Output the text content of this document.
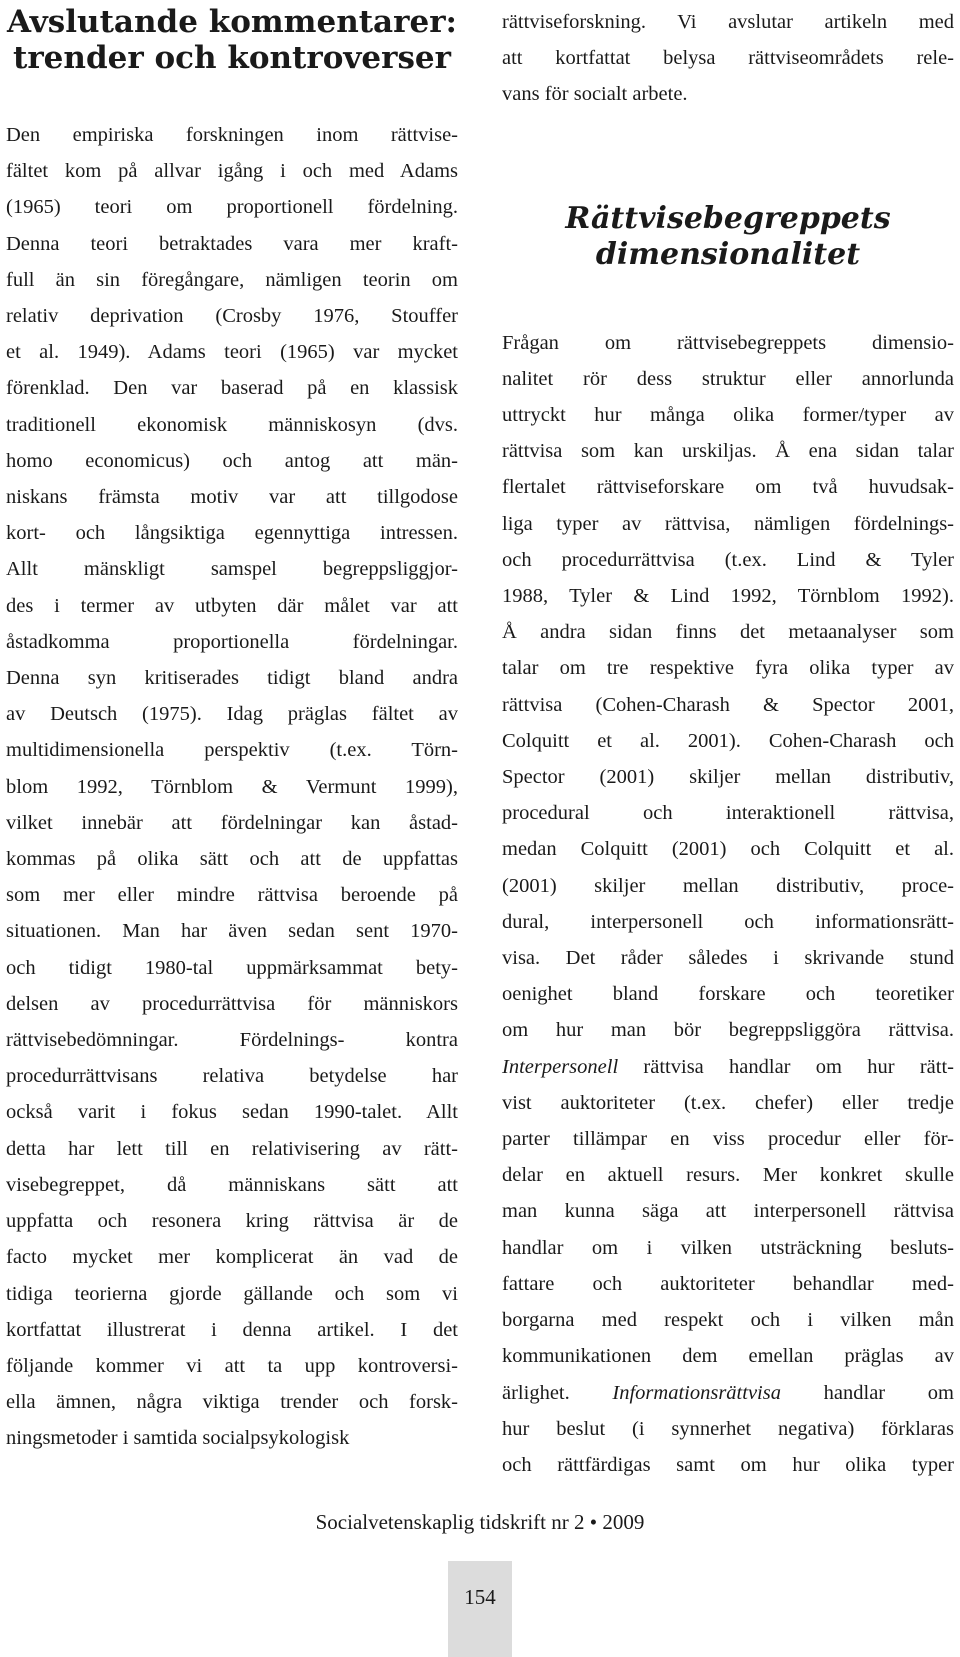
Avslutande kommentarer:
trender och kontroverser

Den empiriska forskningen inom rättvise-
fältet kom på allvar igång i och med Adams
(1965) teori om proportionell fördelning.
Denna teori betraktades vara mer kraft-
full än sin föregångare, nämligen teorin om
relativ deprivation (Crosby 1976, Stouffer
et al. 1949). Adams teori (1965) var mycket
förenklad. Den var baserad på en klassisk
traditionell ekonomisk människosyn (dvs.
homo economicus) och antog att män-
niskans främsta motiv var att tillgodose
kort- och långsiktiga egennyttiga intressen.
Allt mänskligt samspel begreppsliggjor-
des i termer av utbyten där målet var att
åstadkomma proportionella fördelningar.
Denna syn kritiserades tidigt bland andra
av Deutsch (1975). Idag präglas fältet av
multidimensionella perspektiv (t.ex. Törn-
blom 1992, Törnblom & Vermunt 1999),
vilket innebär att fördelningar kan åstad-
kommas på olika sätt och att de uppfattas
som mer eller mindre rättvisa beroende på
situationen. Man har även sedan sent 1970-
och tidigt 1980-tal uppmärksammat bety-
delsen av procedurrättvisa för människors
rättvisebedömningar. Fördelnings- kontra
procedurrättvisans relativa betydelse har
också varit i fokus sedan 1990-talet. Allt
detta har lett till en relativisering av rätt-
visebegreppet, då människans sätt att
uppfatta och resonera kring rättvisa är de
facto mycket mer komplicerat än vad de
tidiga teorierna gjorde gällande och som vi
kortfattat illustrerat i denna artikel. I det
följande kommer vi att ta upp kontroversi-
ella ämnen, några viktiga trender och forsk-
ningsmetoder i samtida socialpsykologisk

rättviseforskning. Vi avslutar artikeln med
att kortfattat belysa rättviseområdets rele-
vans för socialt arbete.

Rättvisebegreppets
dimensionalitet

Frågan om rättvisebegreppets dimensio-
nalitet rör dess struktur eller annorlunda
uttryckt hur många olika former/typer av
rättvisa som kan urskiljas. Å ena sidan talar
flertalet rättviseforskare om två huvudsak-
liga typer av rättvisa, nämligen fördelnings-
och procedurrättvisa (t.ex. Lind & Tyler
1988, Tyler & Lind 1992, Törnblom 1992).
Å andra sidan finns det metaanalyser som
talar om tre respektive fyra olika typer av
rättvisa (Cohen-Charash & Spector 2001,
Colquitt et al. 2001). Cohen-Charash och
Spector (2001) skiljer mellan distributiv,
procedural och interaktionell rättvisa,
medan Colquitt (2001) och Colquitt et al.
(2001) skiljer mellan distributiv, proce-
dural, interpersonell och informationsrätt-
visa. Det råder således i skrivande stund
oenighet bland forskare och teoretiker
om hur man bör begreppsliggöra rättvisa.
Interpersonell rättvisa handlar om hur rätt-
vist auktoriteter (t.ex. chefer) eller tredje
parter tillämpar en viss procedur eller för-
delar en aktuell resurs. Mer konkret skulle
man kunna säga att interpersonell rättvisa
handlar om i vilken utsträckning besluts-
fattare och auktoriteter behandlar med-
borgarna med respekt och i vilken mån
kommunikationen dem emellan präglas av
ärlighet. Informationsrättvisa handlar om
hur beslut (i synnerhet negativa) förklaras
och rättfärdigas samt om hur olika typer

Socialvetenskaplig tidskrift nr 2 • 2009
154
